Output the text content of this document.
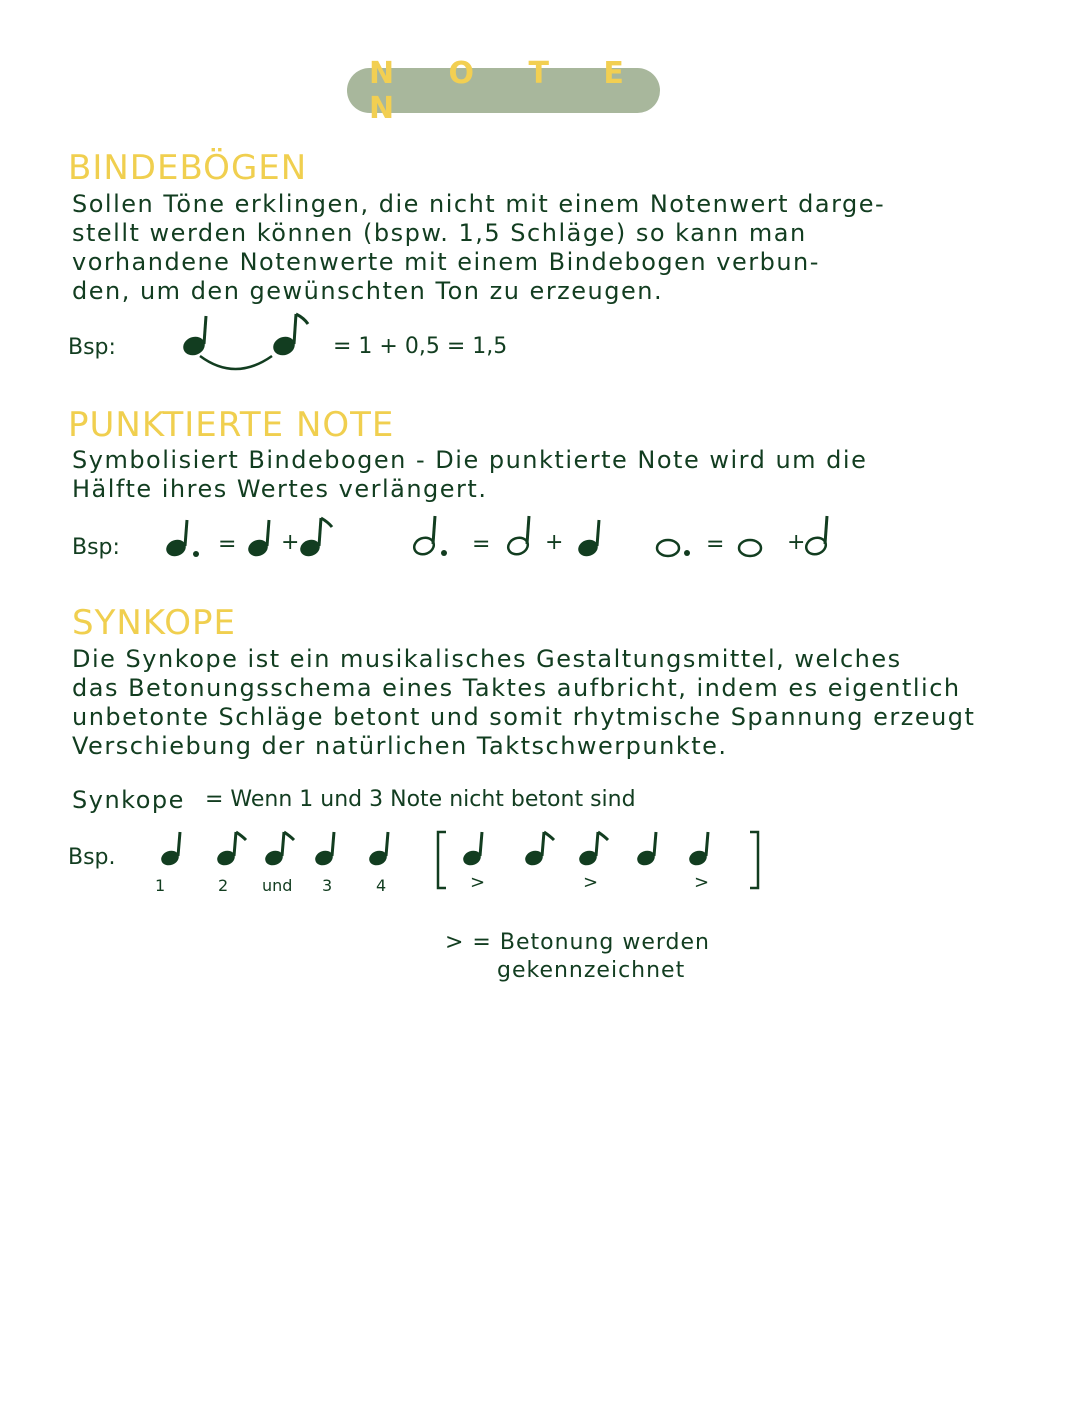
N O T E N
BINDEBÖGEN
Sollen Töne erklingen, die nicht mit einem Notenwert darge-
stellt werden können (bspw. 1,5 Schläge) so kann man
vorhandene Notenwerte mit einem Bindebogen verbun-
den, um den gewünschten Ton zu erzeugen.
Bsp:	= 1 + 0,5 = 1,5
PUNKTIERTE NOTE
Symbolisiert Bindebogen - Die punktierte Note wird um die
Hälfte ihres Wertes verlängert.
Bsp:	= +	= +	=	+
SYNKOPE
Die Synkope ist ein musikalisches Gestaltungsmittel, welches
das Betonungsschema eines Taktes aufbricht, indem es eigentlich
unbetonte Schläge betont und somit rhytmische Spannung erzeugt
Verschiebung der natürlichen Taktschwerpunkte.
Synkope = Wenn 1 und 3 Note nicht betont sind
Bsp.
1	2 und 3	4	>	>	>
> = Betonung werden
gekennzeichnet
